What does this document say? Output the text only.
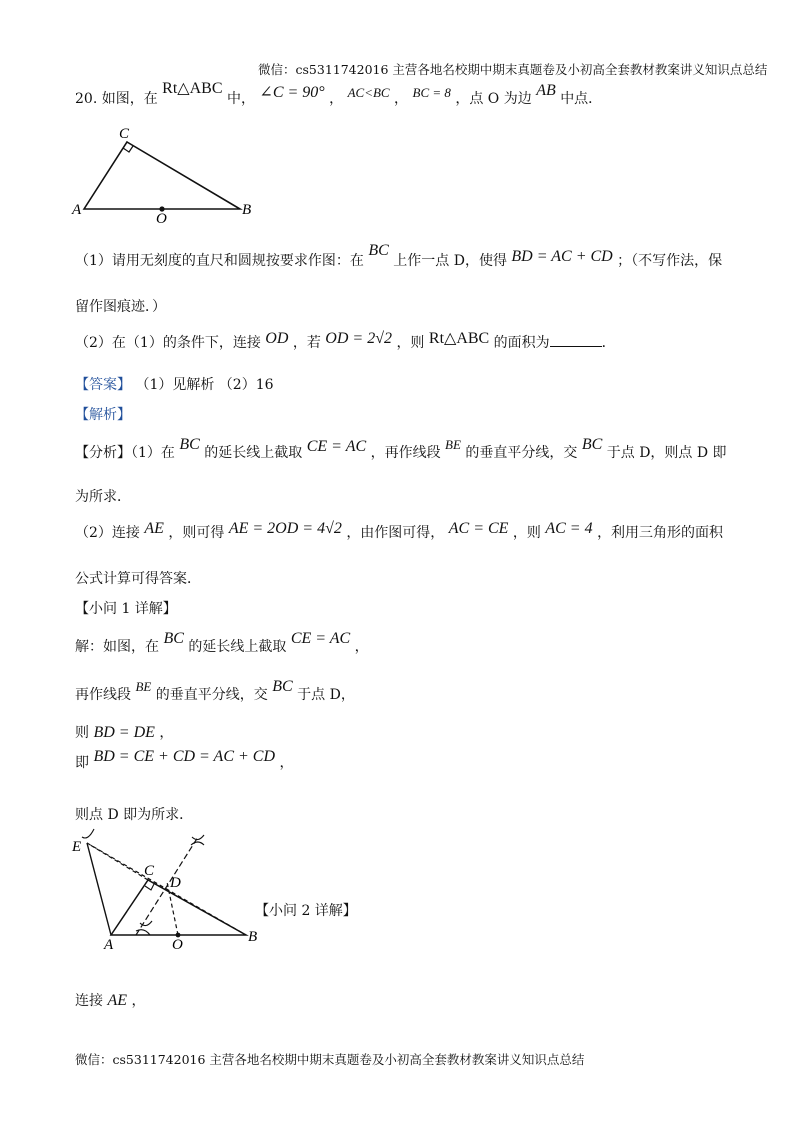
微信：cs5311742016 主营各地名校期中期末真题卷及小初高全套教材教案讲义知识点总结
20. 如图，在 Rt△ABC 中， ∠C = 90° ， AC<BC ， BC = 8 ，点 O 为边 AB 中点．
C
A	B
O
（1）请用无刻度的直尺和圆规按要求作图：在 BC 上作一点 D，使得 BD = AC + CD ；（不写作法，保
留作图痕迹．）
（2）在（1）的条件下，连接 OD ，若 OD = 2√2 ，则 Rt△ABC 的面积为	．
【答案】 （1）见解析 （2）16
【解析】
【分析】（1）在 BC 的延长线上截取 CE = AC ，再作线段 BE 的垂直平分线，交 BC 于点 D，则点 D 即
为所求．
（2）连接 AE ，则可得 AE = 2OD = 4√2 ，由作图可得， AC = CE ，则 AC = 4 ，利用三角形的面积
公式计算可得答案．
【小问 1 详解】
解：如图，在 BC 的延长线上截取 CE = AC ，
再作线段 BE 的垂直平分线，交 BC 于点 D，
则 BD = DE ，
即 BD = CE + CD = AC + CD ，
则点 D 即为所求．
E
C
D
A	O	B
【小问 2 详解】
连接 AE ，
微信：cs5311742016 主营各地名校期中期末真题卷及小初高全套教材教案讲义知识点总结
